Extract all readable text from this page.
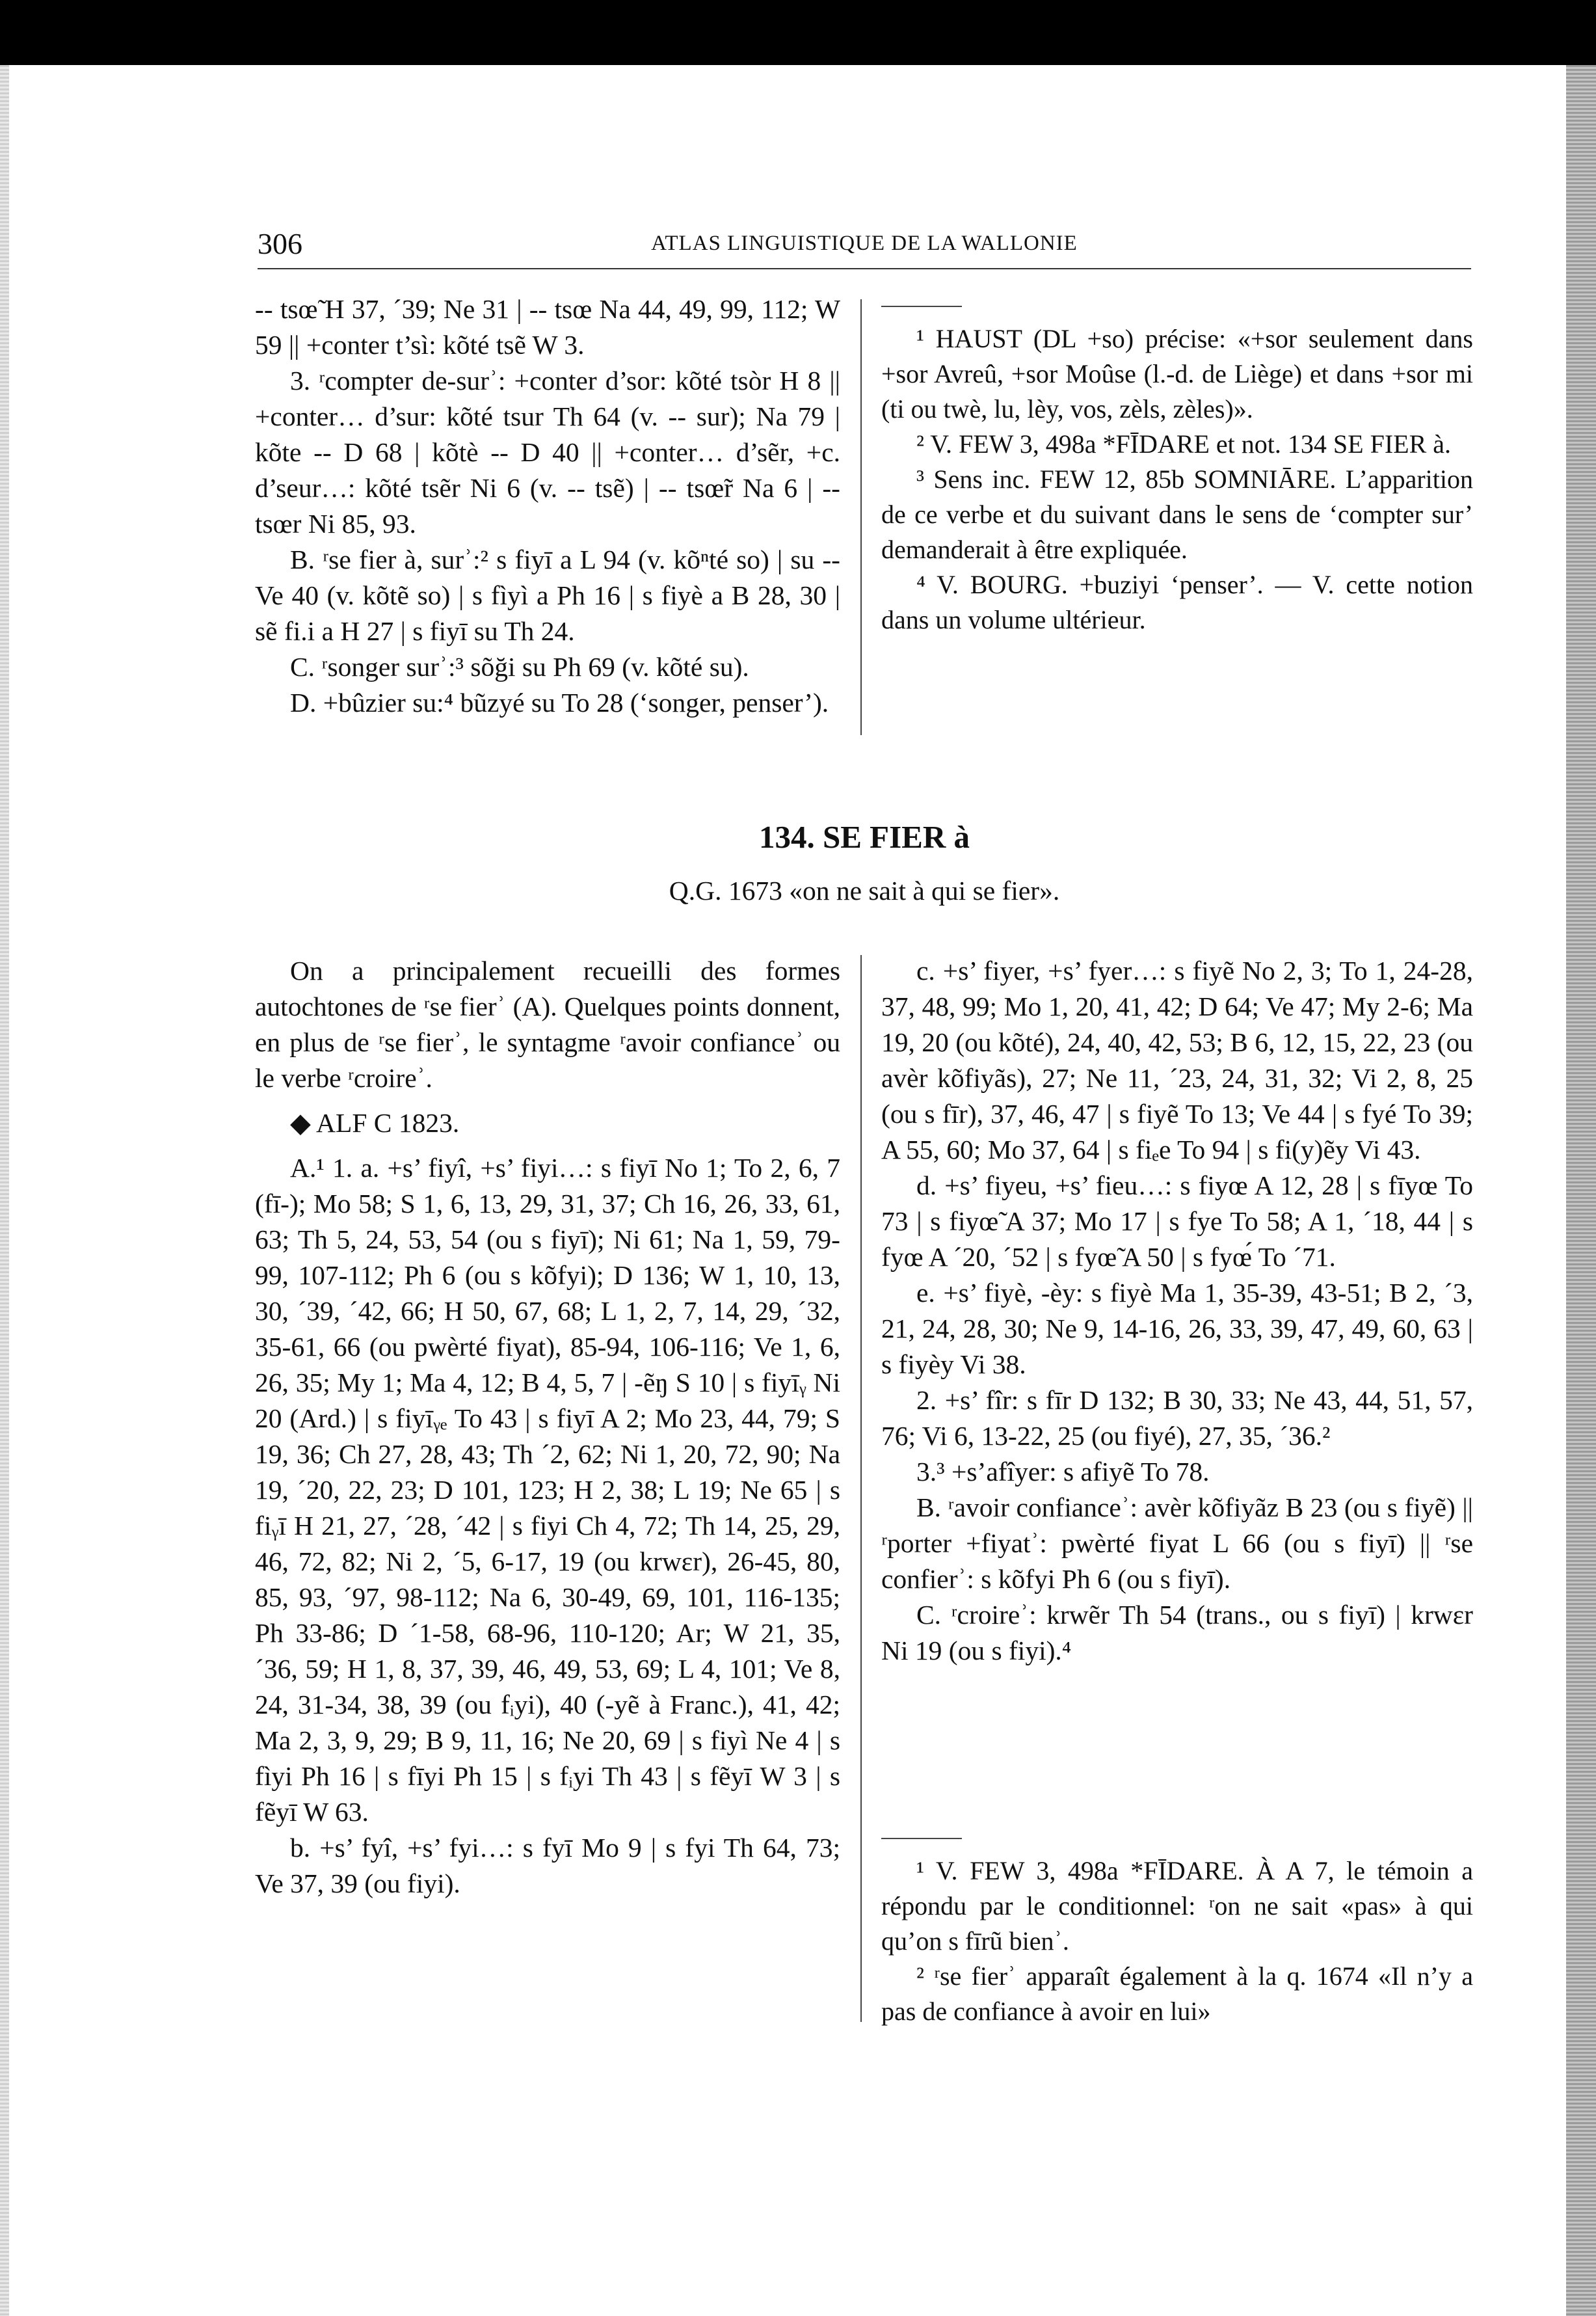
306	ATLAS LINGUISTIQUE DE LA WALLONIE

-- tsœ̃ H 37, ´39; Ne 31 | -- tsœ Na 44, 49, 99, 112; W 59 || +conter t’sì: kõté tsẽ W 3.

3. ʳcompter de-surʾ: +conter d’sor: kõté tsòr H 8 || +conter… d’sur: kõté tsur Th 64 (v. -- sur); Na 79 | kõte -- D 68 | kõtè -- D 40 || +conter… d’sẽr, +c. d’seur…: kõté tsẽr Ni 6 (v. -- tsẽ) | -- tsœ̃r Na 6 | -- tsœr Ni 85, 93.

B. ʳse fier à, surʾ:² s fiyī a L 94 (v. kõⁿté so) | su -- Ve 40 (v. kõtẽ so) | s fìyì a Ph 16 | s fiyè a B 28, 30 | sẽ fi.i a H 27 | s fiyī su Th 24.

C. ʳsonger surʾ:³ sõği su Ph 69 (v. kõté su).

D. +bûzier su:⁴ bũzyé su To 28 (‘songer, penser’).

¹ HAUST (DL +so) précise: «+sor seulement dans +sor Avreû, +sor Moûse (l.-d. de Liège) et dans +sor mi (ti ou twè, lu, lèy, vos, zèls, zèles)».

² V. FEW 3, 498a *FĪDARE et not. 134 SE FIER à.

³ Sens inc. FEW 12, 85b SOMNIĀRE. L’apparition de ce verbe et du suivant dans le sens de ‘compter sur’ demanderait à être expliquée.

⁴ V. BOURG. +buziyi ‘penser’. — V. cette notion dans un volume ultérieur.

134. SE FIER à
Q.G. 1673 «on ne sait à qui se fier».

On a principalement recueilli des formes autochtones de ʳse fierʾ (A). Quelques points donnent, en plus de ʳse fierʾ, le syntagme ʳavoir confianceʾ ou le verbe ʳcroireʾ.

◆ ALF C 1823.

A.¹ 1. a. +s’ fiyî, +s’ fiyi…: s fiyī No 1; To 2, 6, 7 (fī-); Mo 58; S 1, 6, 13, 29, 31, 37; Ch 16, 26, 33, 61, 63; Th 5, 24, 53, 54 (ou s fiyī); Ni 61; Na 1, 59, 79-99, 107-112; Ph 6 (ou s kõfyi); D 136; W 1, 10, 13, 30, ´39, ´42, 66; H 50, 67, 68; L 1, 2, 7, 14, 29, ´32, 35-61, 66 (ou pwèrté fiyat), 85-94, 106-116; Ve 1, 6, 26, 35; My 1; Ma 4, 12; B 4, 5, 7 | -ẽŋ S 10 | s fiyīᵧ Ni 20 (Ard.) | s fiyīᵧₑ To 43 | s fiyī A 2; Mo 23, 44, 79; S 19, 36; Ch 27, 28, 43; Th ´2, 62; Ni 1, 20, 72, 90; Na 19, ´20, 22, 23; D 101, 123; H 2, 38; L 19; Ne 65 | s fiᵧī H 21, 27, ´28, ´42 | s fiyi Ch 4, 72; Th 14, 25, 29, 46, 72, 82; Ni 2, ´5, 6-17, 19 (ou krwɛr), 26-45, 80, 85, 93, ´97, 98-112; Na 6, 30-49, 69, 101, 116-135; Ph 33-86; D ´1-58, 68-96, 110-120; Ar; W 21, 35, ´36, 59; H 1, 8, 37, 39, 46, 49, 53, 69; L 4, 101; Ve 8, 24, 31-34, 38, 39 (ou fᵢyi), 40 (-yẽ à Franc.), 41, 42; Ma 2, 3, 9, 29; B 9, 11, 16; Ne 20, 69 | s fiyì Ne 4 | s fìyi Ph 16 | s fīyi Ph 15 | s fᵢyi Th 43 | s fẽyī W 3 | s fẽyī W 63.

b. +s’ fyî, +s’ fyi…: s fyī Mo 9 | s fyi Th 64, 73; Ve 37, 39 (ou fiyi).

c. +s’ fiyer, +s’ fyer…: s fiyẽ No 2, 3; To 1, 24-28, 37, 48, 99; Mo 1, 20, 41, 42; D 64; Ve 47; My 2-6; Ma 19, 20 (ou kõté), 24, 40, 42, 53; B 6, 12, 15, 22, 23 (ou avèr kõfiyãs), 27; Ne 11, ´23, 24, 31, 32; Vi 2, 8, 25 (ou s fīr), 37, 46, 47 | s fiyẽ To 13; Ve 44 | s fyé To 39; A 55, 60; Mo 37, 64 | s fiₑe To 94 | s fi(y)ẽy Vi 43.

d. +s’ fiyeu, +s’ fieu…: s fiyœ A 12, 28 | s fīyœ To 73 | s fiyœ̃ A 37; Mo 17 | s fye To 58; A 1, ´18, 44 | s fyœ A ´20, ´52 | s fyœ̃ A 50 | s fyœ́ To ´71.

e. +s’ fiyè, -èy: s fiyè Ma 1, 35-39, 43-51; B 2, ´3, 21, 24, 28, 30; Ne 9, 14-16, 26, 33, 39, 47, 49, 60, 63 | s fiyèy Vi 38.

2. +s’ fîr: s fīr D 132; B 30, 33; Ne 43, 44, 51, 57, 76; Vi 6, 13-22, 25 (ou fiyé), 27, 35, ´36.²

3.³ +s’afîyer: s afiyẽ To 78.

B. ʳavoir confianceʾ: avèr kõfiyãz B 23 (ou s fiyẽ) || ʳporter +fiyatʾ: pwèrté fiyat L 66 (ou s fiyī) || ʳse confierʾ: s kõfyi Ph 6 (ou s fiyī).

C. ʳcroireʾ: krwẽr Th 54 (trans., ou s fiyī) | krwɛr Ni 19 (ou s fiyi).⁴

¹ V. FEW 3, 498a *FĪDARE. À A 7, le témoin a répondu par le conditionnel: ʳon ne sait «pas» à qui qu’on s fīrũ bienʾ.

² ʳse fierʾ apparaît également à la q. 1674 «Il n’y a pas de confiance à avoir en lui»
